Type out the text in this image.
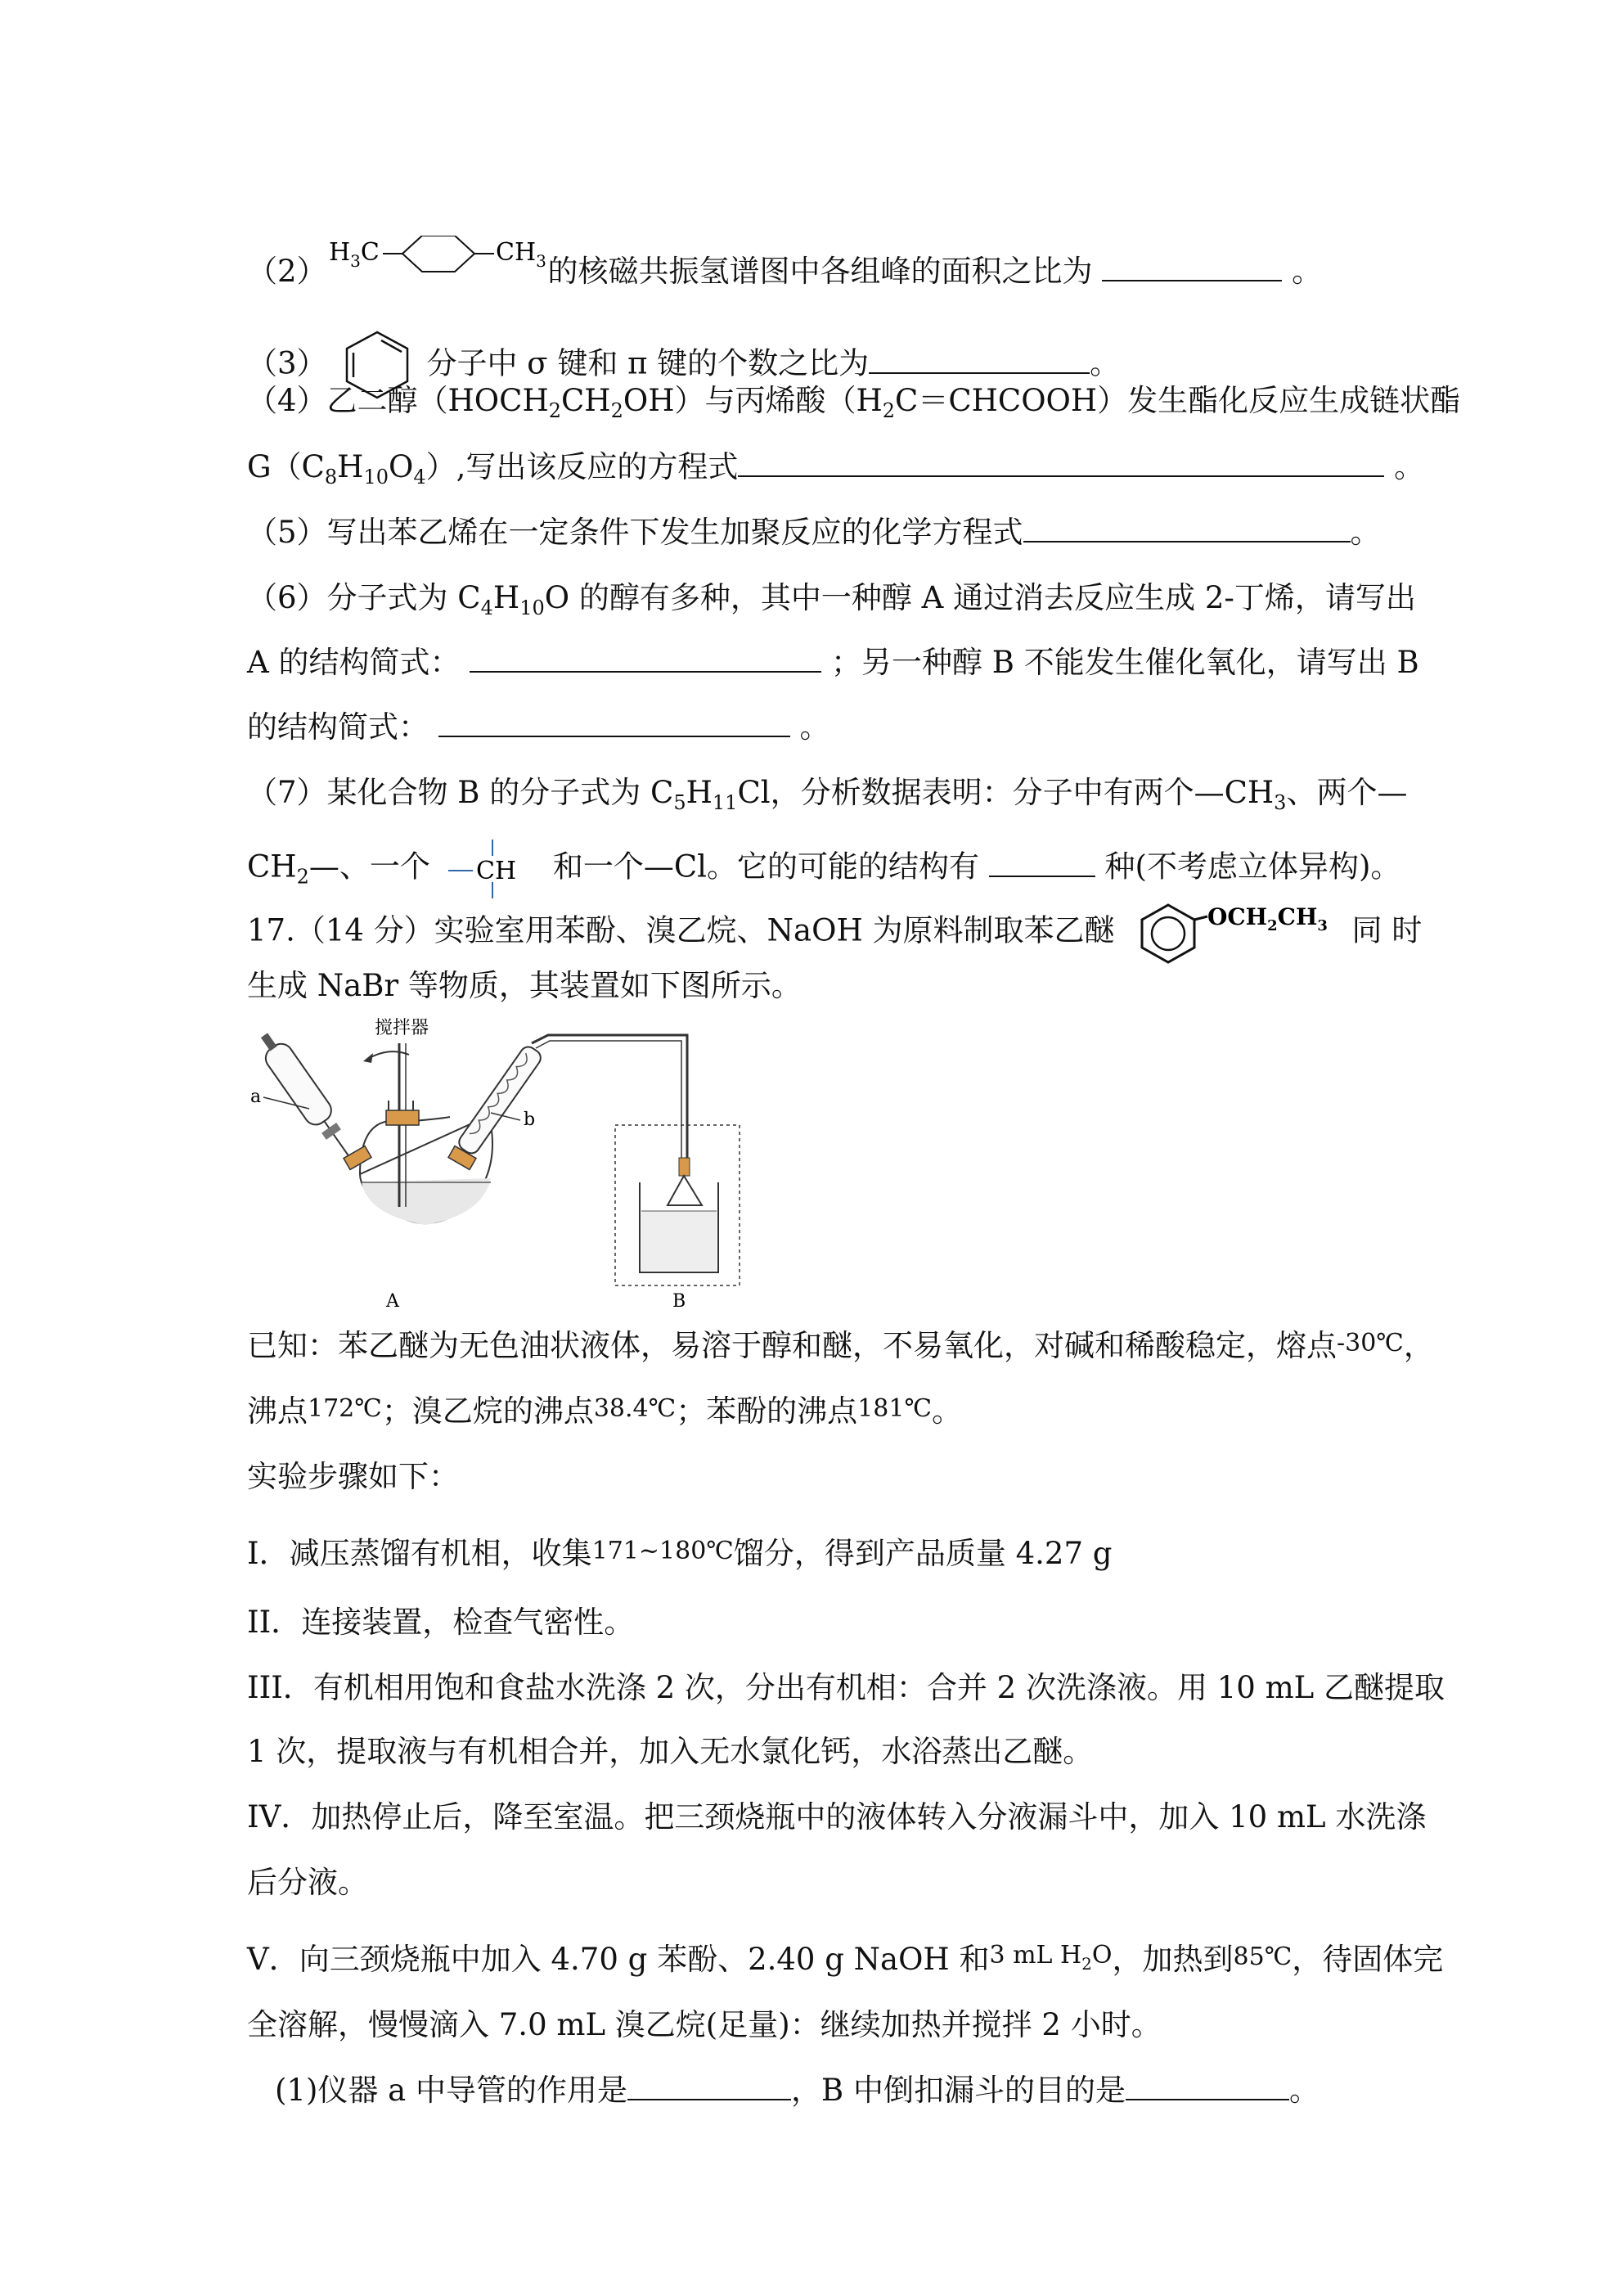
（2）
$H_3C$	$CH_3$ 的核磁共振氢谱图中各组峰的面积之比为	。
（3）	分子中 σ 键和 π 键的个数之比为	。
（4）乙二醇$(HOCH_2CH_2OH)$与丙烯酸$(H_2C=CHCOOH)$发生酯化反应生成链状酯
$G(C_8H_{10}O_4)$,写出该反应的方程式	。
（5）写出苯乙烯在一定条件下发生加聚反应的化学方程式	。
（6）分子式为 $C_4H_{10}O$ 的醇有多种，其中一种醇 A 通过消去反应生成 2-丁烯，请写出
A 的结构简式：	；另一种醇 B 不能发生催化氧化，请写出 B
的结构简式：	。
（7）某化合物 B 的分子式为 $C_5H_{11}Cl$，分析数据表明：分子中有两个$—CH_3$、两个—
$CH_2—$、一个 CH 和一个—Cl。它的可能的结构有	种(不考虑立体异构)。
17.（14 分）实验室用苯酚、溴乙烷、NaOH 为原料制取苯乙醚	$OCH_2CH_3$ 同 时
生成 NaBr 等物质，其装置如下图所示。
搅拌器
a
b
A	B
已知：苯乙醚为无色油状液体，易溶于醇和醚，不易氧化，对碱和稀酸稳定，熔点-30℃，
沸点172℃；溴乙烷的沸点38.4℃；苯酚的沸点181℃。
实验步骤如下：
I．减压蒸馏有机相，收集171~180℃馏分，得到产品质量 4.27 g
II．连接装置，检查气密性。
III．有机相用饱和食盐水洗涤 2 次，分出有机相：合并 2 次洗涤液。用 10 mL 乙醚提取
1 次，提取液与有机相合并，加入无水氯化钙，水浴蒸出乙醚。
IV．加热停止后，降至室温。把三颈烧瓶中的液体转入分液漏斗中，加入 10 mL 水洗涤
后分液。
V．向三颈烧瓶中加入 4.70 g 苯酚、2.40 g NaOH 和$^{3 mL H_2O}$，加热到85℃，待固体完
全溶解，慢慢滴入 7.0 mL 溴乙烷(足量)：继续加热并搅拌 2 小时。
(1)仪器 a 中导管的作用是	，B 中倒扣漏斗的目的是	。
